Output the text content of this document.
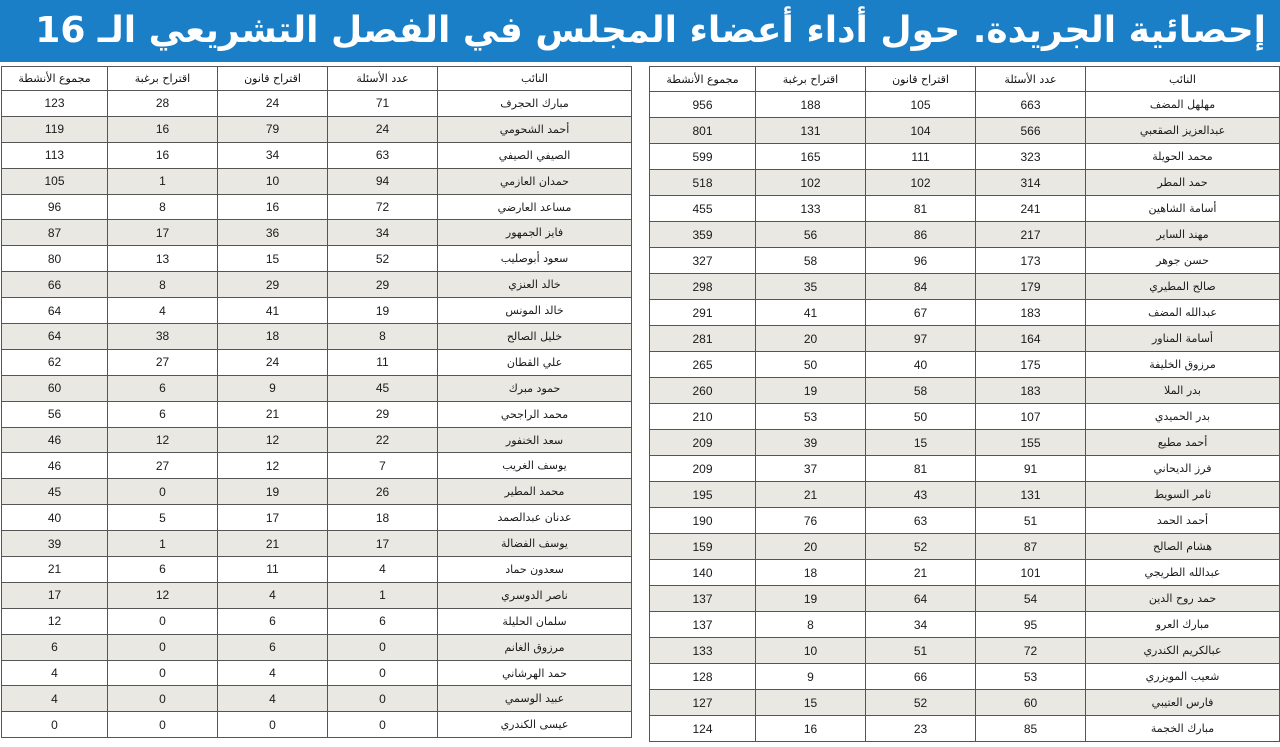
إحصائية الجريدة. حول أداء أعضاء المجلس في الفصل التشريعي الـ 16
النائب	عدد الأسئلة	اقتراح قانون	اقتراح برغبة	مجموع الأنشطة
مهلهل المضف	663	105	188	956
عبدالعزيز الصقعبي	566	104	131	801
محمد الحويلة	323	111	165	599
حمد المطر	314	102	102	518
أسامة الشاهين	241	81	133	455
مهند الساير	217	86	56	359
حسن جوهر	173	96	58	327
صالح المطيري	179	84	35	298
عبدالله المضف	183	67	41	291
أسامة المناور	164	97	20	281
مرزوق الخليفة	175	40	50	265
بدر الملا	183	58	19	260
بدر الحميدي	107	50	53	210
أحمد مطيع	155	15	39	209
فرز الديحاني	91	81	37	209
ثامر السويط	131	43	21	195
أحمد الحمد	51	63	76	190
هشام الصالح	87	52	20	159
عبدالله الطريجي	101	21	18	140
حمد روح الدين	54	64	19	137
مبارك العرو	95	34	8	137
عبالكريم الكندري	72	51	10	133
شعيب المويزري	53	66	9	128
فارس العتيبي	60	52	15	127
مبارك الخجمة	85	23	16	124
النائب	عدد الأسئلة	اقتراح قانون	اقتراح برغبة	مجموع الأنشطة
مبارك الحجرف	71	24	28	123
أحمد الشحومي	24	79	16	119
الصيفي الصيفي	63	34	16	113
حمدان العازمي	94	10	1	105
مساعد العارضي	72	16	8	96
فايز الجمهور	34	36	17	87
سعود أبوصليب	52	15	13	80
خالد العنزي	29	29	8	66
خالد المونس	19	41	4	64
خليل الصالح	8	18	38	64
علي القطان	11	24	27	62
حمود مبرك	45	9	6	60
محمد الراجحي	29	21	6	56
سعد الخنفور	22	12	12	46
يوسف الغريب	7	12	27	46
محمد المطير	26	19	0	45
عدنان عبدالصمد	18	17	5	40
يوسف الفضالة	17	21	1	39
سعدون حماد	4	11	6	21
ناصر الدوسري	1	4	12	17
سلمان الحليلة	6	6	0	12
مرزوق الغانم	0	6	0	6
حمد الهرشاني	0	4	0	4
عبيد الوسمي	0	4	0	4
عيسى الكندري	0	0	0	0
